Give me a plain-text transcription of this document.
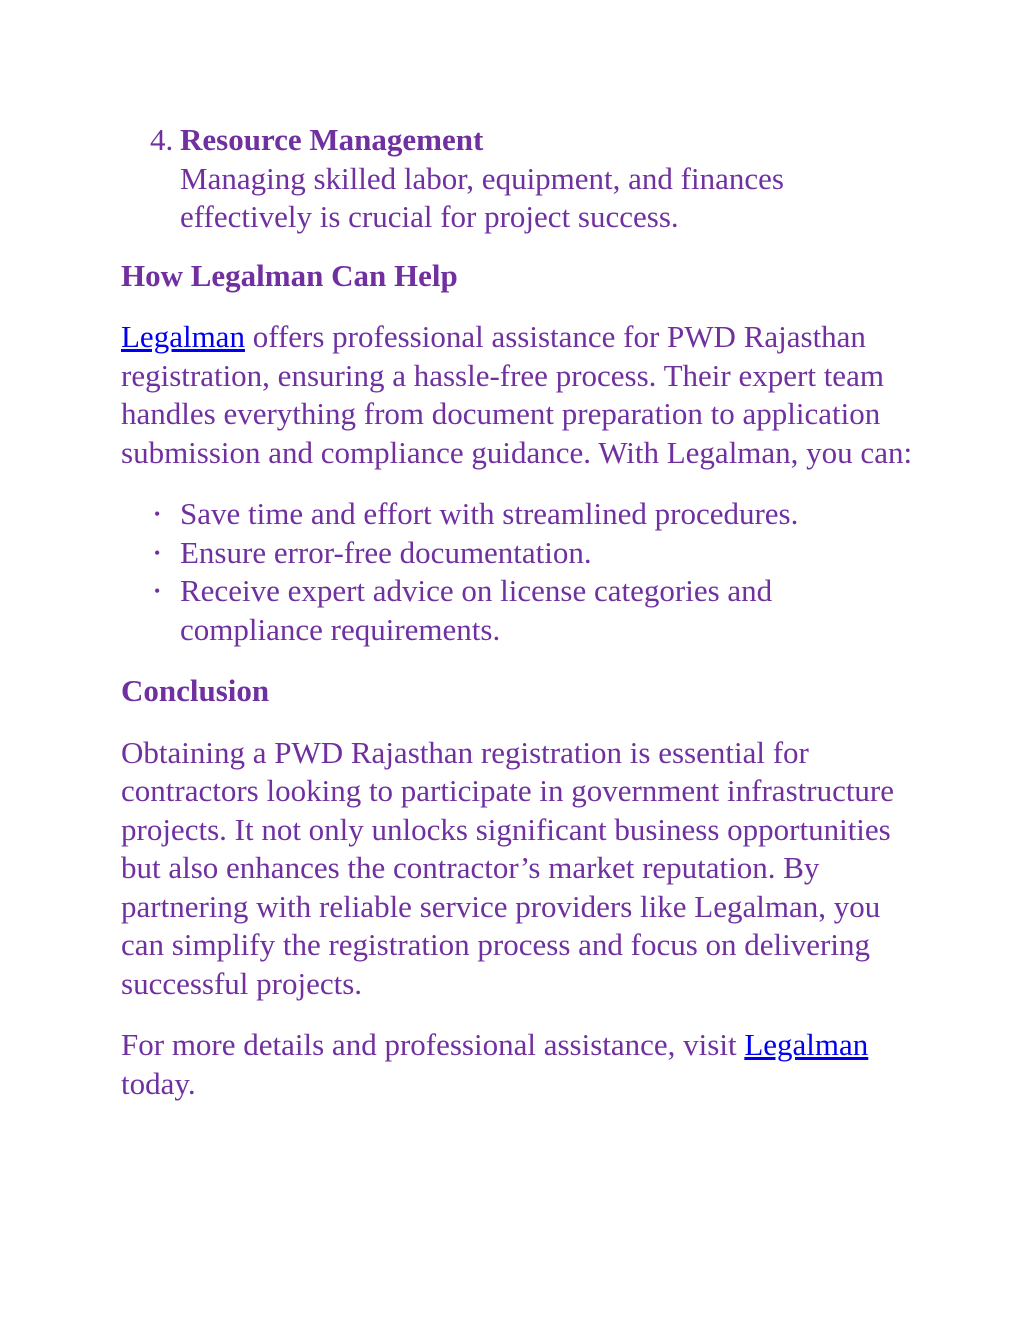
4. Resource Management
Managing skilled labor, equipment, and finances effectively is crucial for project success.
How Legalman Can Help

Legalman offers professional assistance for PWD Rajasthan registration, ensuring a hassle-free process. Their expert team handles everything from document preparation to application submission and compliance guidance. With Legalman, you can:

• Save time and effort with streamlined procedures.
• Ensure error-free documentation.
• Receive expert advice on license categories and compliance requirements.
Conclusion

Obtaining a PWD Rajasthan registration is essential for contractors looking to participate in government infrastructure projects. It not only unlocks significant business opportunities but also enhances the contractor’s market reputation. By partnering with reliable service providers like Legalman, you can simplify the registration process and focus on delivering successful projects.

For more details and professional assistance, visit Legalman today.
